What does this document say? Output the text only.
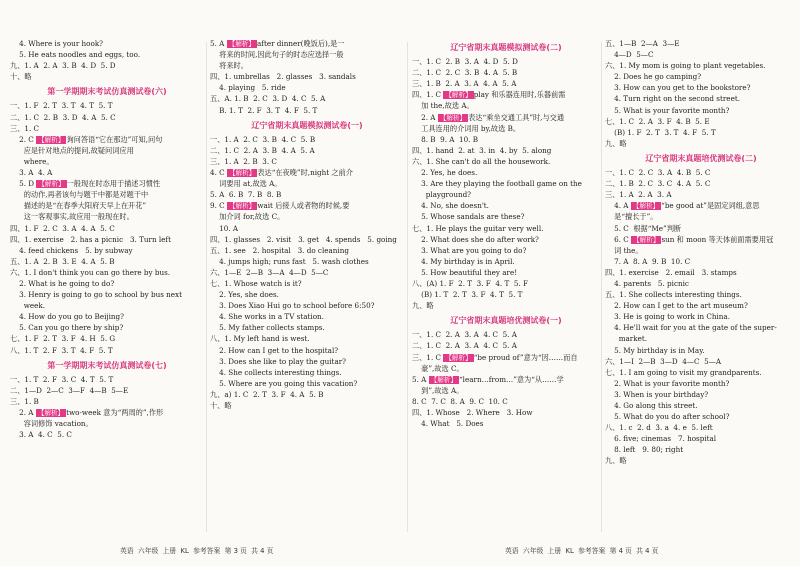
4. Where is your hook?
5. He eats noodles and eggs, too.
九、1. A  2. A  3. B  4. D  5. D
十、略
第一学期期末考试仿真测试卷(六)
一、1. F  2. T  3. T  4. T  5. T
二、1. C  2. B  3. D  4. A  5. C
三、1. C
2. C 【解析】 询问答语“它在那边”可知,问句
应是针对地点的提问,故疑问词应用
where。
3. A  4. A
5. D 【解析】 一般现在时态用于描述习惯性
的动作,再者该句与题干中都是对题干中
描述的是“在春季大阳府天早上在开花”
这一客观事实,故应用一般现在时。
四、1. F  2. C  3. A  4. A  5. C
四、1. exercise   2. has a picnic   3. Turn left
4. feed chickens   5. by subway
五、1. A  2. B  3. E  4. A  5. B
六、1. I don't think you can go there by bus.
2. What is he going to do?
3. Henry is going to go to school by bus next
week.
4. How do you go to Beijing?
5. Can you go there by ship?
七、1. F  2. T  3. F  4. H  5. G
八、1. T  2. F  3. T  4. F  5. T
第一学期期末考试仿真测试卷(七)
一、1. T  2. F  3. C  4. T  5. T
二、1—D  2—C  3—F  4—B  5—E
三、1. B
2. A 【解析】 two-week 意为“两周的”,作形
容词修饰 vacation。
3. A  4. C  5. C
5. A 【解析】 after dinner(晚饭后),是一
将来的时间,因此句子的时态应选择一般
将来时。
四、1. umbrellas   2. glasses   3. sandals
4. playing   5. ride
五、A. 1. B  2. C  3. D  4. C  5. A
B. 1. T  2. F  3. T  4. F  5. T
辽宁省期末真题模拟测试卷(一)
一、1. A  2. C  3. B  4. C  5. B
二、1. C  2. A  3. B  4. A  5. A
三、1. A  2. B  3. C
4. C 【解析】 表达“在夜晚”时,night 之前介
词要用 at,故选 A。
5. A  6. B  7. B  8. B
9. C 【解析】 wait 后接人或者物的时候,要
加介词 for,故选 C。
10. A
四、1. glasses   2. visit   3. get   4. spends   5. going
五、1. see   2. hospital   3. do cleaning
4. jumps high; runs fast   5. wash clothes
六、1—E  2—B  3—A  4—D  5—C
七、1. Whose watch is it?
2. Yes, she does.
3. Does Xiao Hui go to school before 6:50?
4. She works in a TV station.
5. My father collects stamps.
八、1. My left hand is west.
2. How can I get to the hospital?
3. Does she like to play the guitar?
4. She collects interesting things.
5. Where are you going this vacation?
九、a) 1. C  2. T  3. F  4. A  5. B
十、略
辽宁省期末真题模拟测试卷(二)
一、1. C  2. B  3. A  4. D  5. D
二、1. C  2. C  3. B  4. A  5. B
三、1. B  2. A  3. A  4. A  5. A
四、1. C 【解析】 play 和乐器连用时,乐器前需
加 the,故选 A。
2. A 【解析】 表达“乘坐交通工具”时,与交通
工具连用的介词用 by,故选 B。
8. B  9. A  10. B
四、1. hand  2. at  3. in  4. by  5. along
六、1. She can't do all the housework.
2. Yes, he does.
3. Are they playing the football game on the
playground?
4. No, she doesn't.
5. Whose sandals are these?
七、1. He plays the guitar very well.
2. What does she do after work?
3. What are you going to do?
4. My birthday is in April.
5. How beautiful they are!
八、(A) 1. F  2. T  3. F  4. T  5. F
(B) 1. T  2. T  3. F  4. T  5. T
九、略
辽宁省期末真题培优测试卷(一)
一、1. C  2. A  3. A  4. C  5. A
二、1. C  2. A  3. A  4. C  5. A
三、1. C 【解析】 “be proud of”意为“因……而自
豪”,故选 C。
5. A 【解析】 “learn…from…”意为“从……学
到”,故选 A。
8. C  7. C  8. A  9. C  10. C
四、1. Whose   2. Where   3. How
4. What   5. Does
五、1—B  2—A  3—E
4—D  5—C
六、1. My mom is going to plant vegetables.
2. Does he go camping?
3. How can you get to the bookstore?
4. Turn right on the second street.
5. What is your favorite month?
七、1. C  2. A  3. F  4. B  5. E
(B) 1. F  2. T  3. T  4. F  5. T
九、略
辽宁省期末真题培优测试卷(二)
一、1. C  2. C  3. A  4. B  5. C
二、1. B  2. C  3. C  4. A  5. C
三、1. A  2. A  3. A
4. A 【解析】 “be good at”是固定词组,意思
是“擅长于”。
5. C  根据“Me”判断
6. C 【解析】 sun 和 moon 等天体前面需要用冠
词 the。
7. A  8. A  9. B  10. C
四、1. exercise   2. email   3. stamps
4. parents   5. picnic
五、1. She collects interesting things.
2. How can I get to the art museum?
3. He is going to work in China.
4. He'll wait for you at the gate of the super-
market.
5. My birthday is in May.
六、1—I  2—B  3—D  4—C  5—A
七、1. I am going to visit my grandparents.
2. What is your favorite month?
3. When is your birthday?
4. Go along this street.
5. What do you do after school?
八、1. c  2. d  3. a  4. e  5. left
6. five; cinemas   7. hospital
8. left   9. 80; right
九、略
英语  六年级  上册  KL  参考答案  第 3 页  共 4 页	英语  六年级  上册  KL  参考答案  第 4 页  共 4 页
